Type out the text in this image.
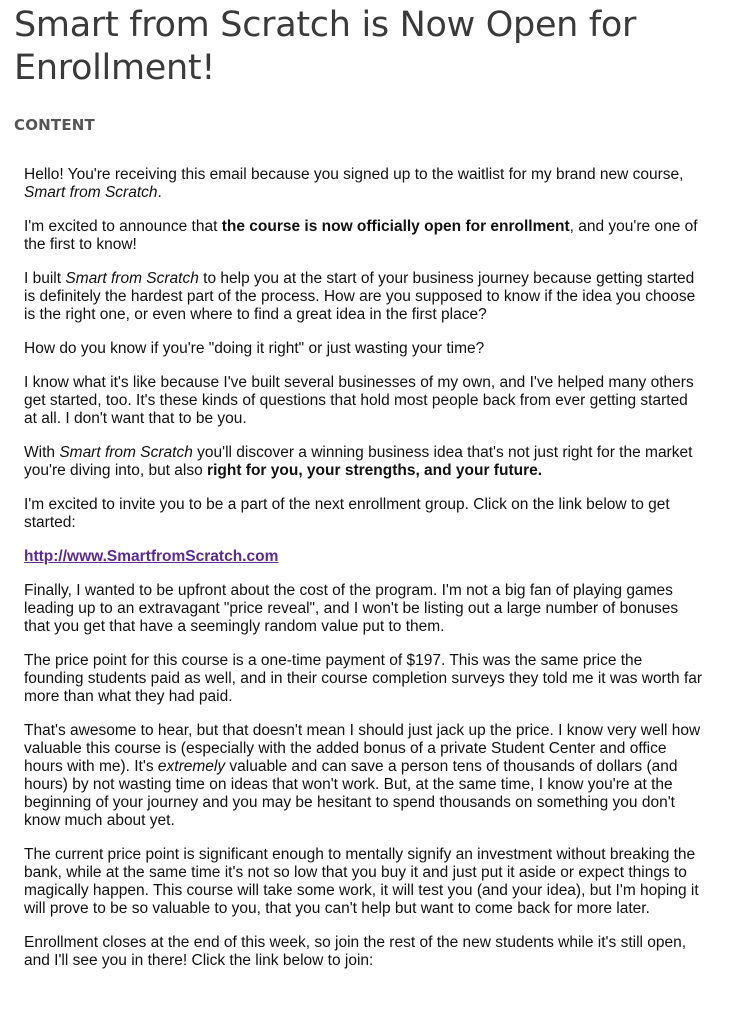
Smart from Scratch is Now Open for Enrollment!
CONTENT

Hello! You're receiving this email because you signed up to the waitlist for my brand new course, Smart from Scratch.

I'm excited to announce that the course is now officially open for enrollment, and you're one of the first to know!

I built Smart from Scratch to help you at the start of your business journey because getting started is definitely the hardest part of the process. How are you supposed to know if the idea you choose is the right one, or even where to find a great idea in the first place?

How do you know if you're "doing it right" or just wasting your time?

I know what it's like because I've built several businesses of my own, and I've helped many others get started, too. It's these kinds of questions that hold most people back from ever getting started at all. I don't want that to be you.

With Smart from Scratch you'll discover a winning business idea that's not just right for the market you're diving into, but also right for you, your strengths, and your future.

I'm excited to invite you to be a part of the next enrollment group. Click on the link below to get started:

http://www.SmartfromScratch.com

Finally, I wanted to be upfront about the cost of the program. I'm not a big fan of playing games leading up to an extravagant "price reveal", and I won't be listing out a large number of bonuses that you get that have a seemingly random value put to them.

The price point for this course is a one-time payment of $197. This was the same price the founding students paid as well, and in their course completion surveys they told me it was worth far more than what they had paid.

That's awesome to hear, but that doesn't mean I should just jack up the price. I know very well how valuable this course is (especially with the added bonus of a private Student Center and office hours with me). It's extremely valuable and can save a person tens of thousands of dollars (and hours) by not wasting time on ideas that won't work. But, at the same time, I know you're at the beginning of your journey and you may be hesitant to spend thousands on something you don't know much about yet.

The current price point is significant enough to mentally signify an investment without breaking the bank, while at the same time it's not so low that you buy it and just put it aside or expect things to magically happen. This course will take some work, it will test you (and your idea), but I'm hoping it will prove to be so valuable to you, that you can't help but want to come back for more later.

Enrollment closes at the end of this week, so join the rest of the new students while it's still open, and I'll see you in there! Click the link below to join:
